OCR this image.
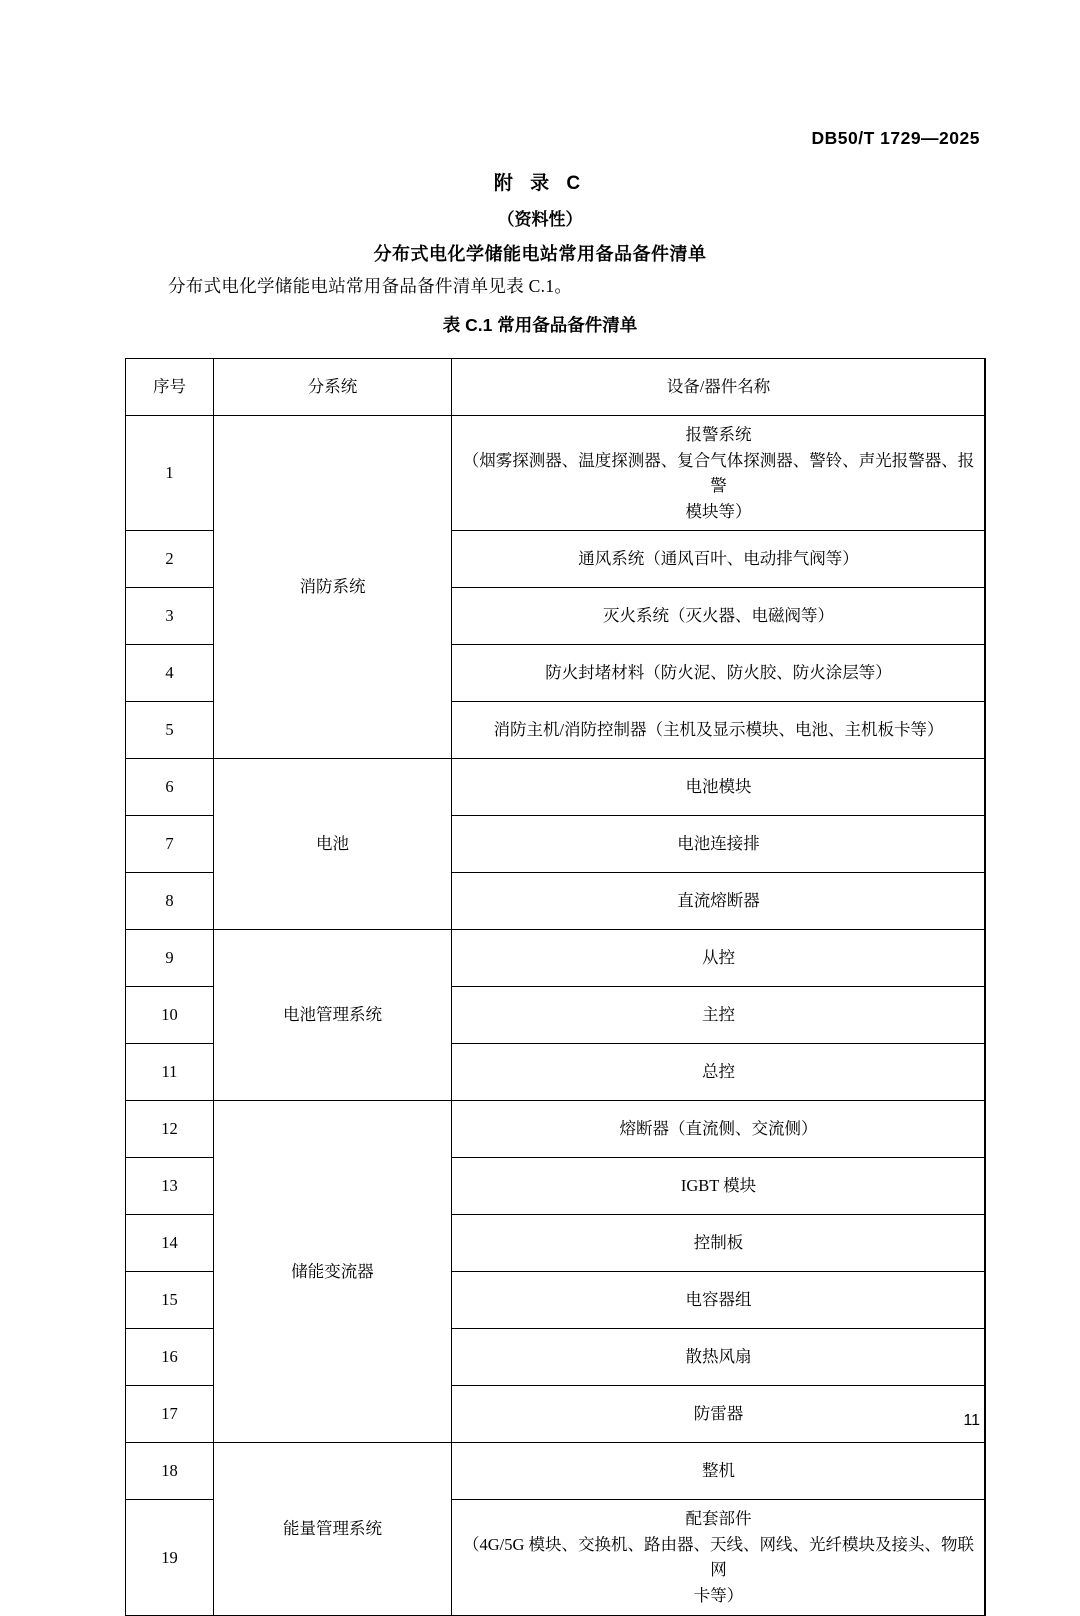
DB50/T 1729—2025
附 录 C
（资料性）
分布式电化学储能电站常用备品备件清单
分布式电化学储能电站常用备品备件清单见表 C.1。
表 C.1 常用备品备件清单
序号	分系统	设备/器件名称
1	消防系统	报警系统
（烟雾探测器、温度探测器、复合气体探测器、警铃、声光报警器、报警
模块等）

2		通风系统（通风百叶、电动排气阀等）
3		灭火系统（灭火器、电磁阀等）
4		防火封堵材料（防火泥、防火胶、防火涂层等）
5		消防主机/消防控制器（主机及显示模块、电池、主机板卡等）
6	电池	电池模块
7		电池连接排
8		直流熔断器
9	电池管理系统	从控
10		主控
11		总控
12	储能变流器	熔断器（直流侧、交流侧）
13		IGBT 模块
14		控制板
15		电容器组
16		散热风扇
17		防雷器
18	能量管理系统	整机
19		配套部件
（4G/5G 模块、交换机、路由器、天线、网线、光纤模块及接头、物联网
卡等）
11
